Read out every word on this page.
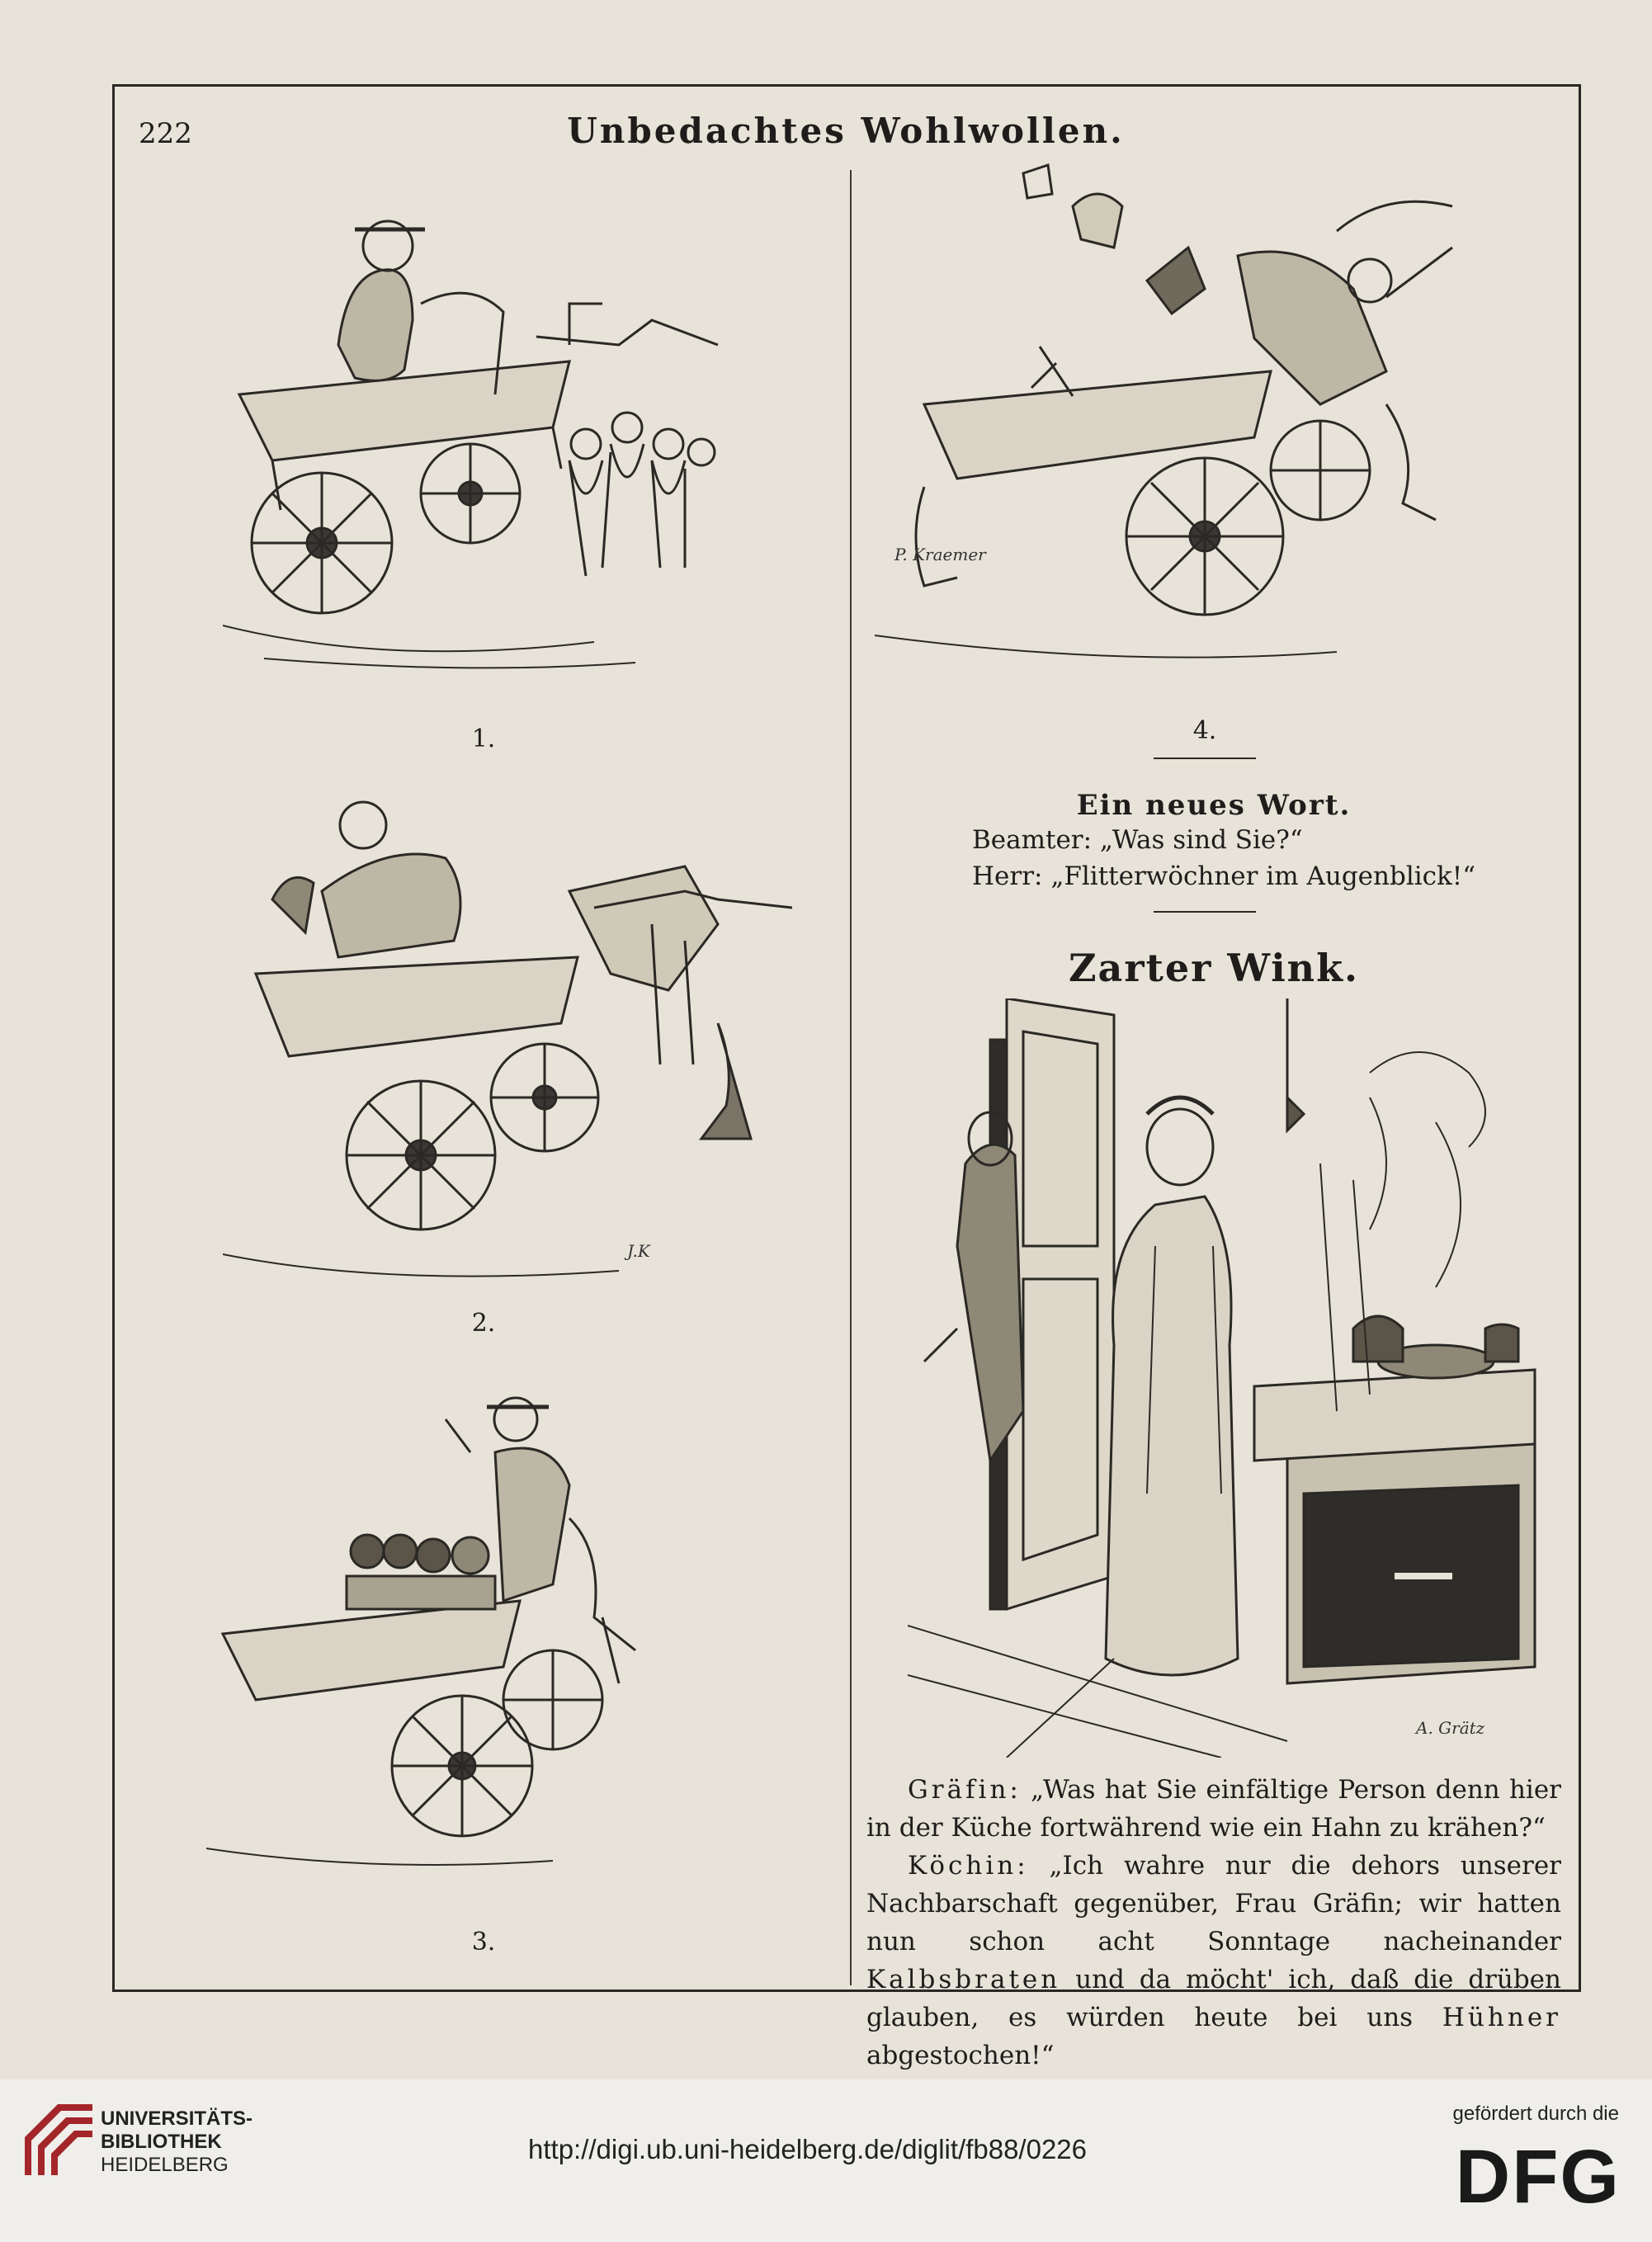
222	Unbedachtes Wohlwollen.
1.
J.K
2.
3.
P. Kraemer
4.
Ein neues Wort.
Beamter: „Was sind Sie?“
Herr: „Flitterwöchner im Augenblick!“
Zarter Wink.
A. Grätz

Gräfin: „Was hat Sie einfältige Person denn hier in der Küche fortwährend wie ein Hahn zu krähen?“

Köchin: „Ich wahre nur die dehors unserer Nachbarschaft gegenüber, Frau Gräfin; wir hatten nun schon acht Sonntage nacheinander Kalbsbraten und da möcht' ich, daß die drüben glauben, es würden heute bei uns Hühner abgestochen!“

UNIVERSITÄTS-
BIBLIOTHEK
HEIDELBERG
http://digi.ub.uni-heidelberg.de/diglit/fb88/0226
gefördert durch die
DFG
